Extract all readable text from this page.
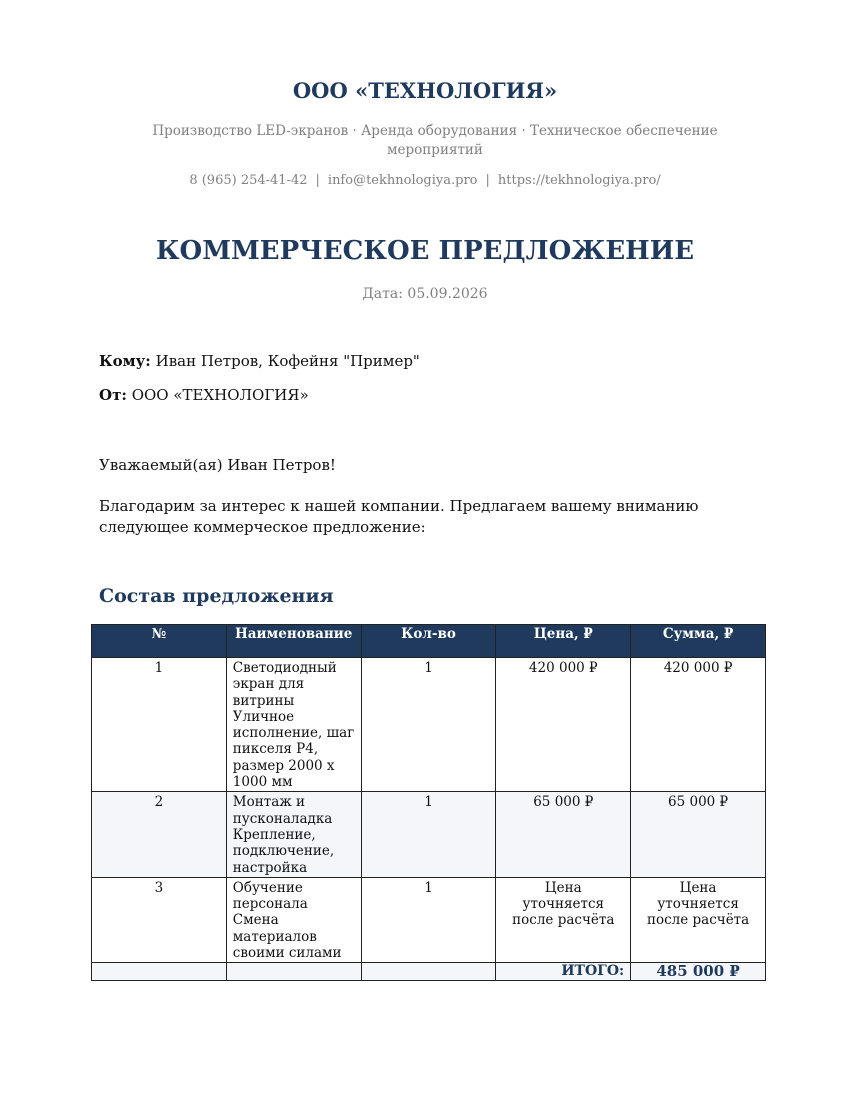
ООО «ТЕХНОЛОГИЯ»
Производство LED-экранов · Аренда оборудования · Техническое обеспечение мероприятий
8 (965) 254-41-42 | info@tekhnologiya.pro | https://tekhnologiya.pro/
КОММЕРЧЕСКОЕ ПРЕДЛОЖЕНИЕ
Дата: 05.09.2026
Кому: Иван Петров, Кофейня "Пример"
От: ООО «ТЕХНОЛОГИЯ»
Уважаемый(ая) Иван Петров!
Благодарим за интерес к нашей компании. Предлагаем вашему вниманию следующее коммерческое предложение:
Состав предложения
№	Наименование	Кол-во	Цена, ₽	Сумма, ₽
1	Светодиодный экран для витрины Уличное исполнение, шаг пикселя P4, размер 2000 x 1000 мм	1	420 000 ₽	420 000 ₽
2	Монтаж и пусконаладка Крепление, подключение, настройка	1	65 000 ₽	65 000 ₽
3	Обучение персонала Смена материалов своими силами	1	Цена уточняется после расчёта	Цена уточняется после расчёта
			ИТОГО:	485 000 ₽
